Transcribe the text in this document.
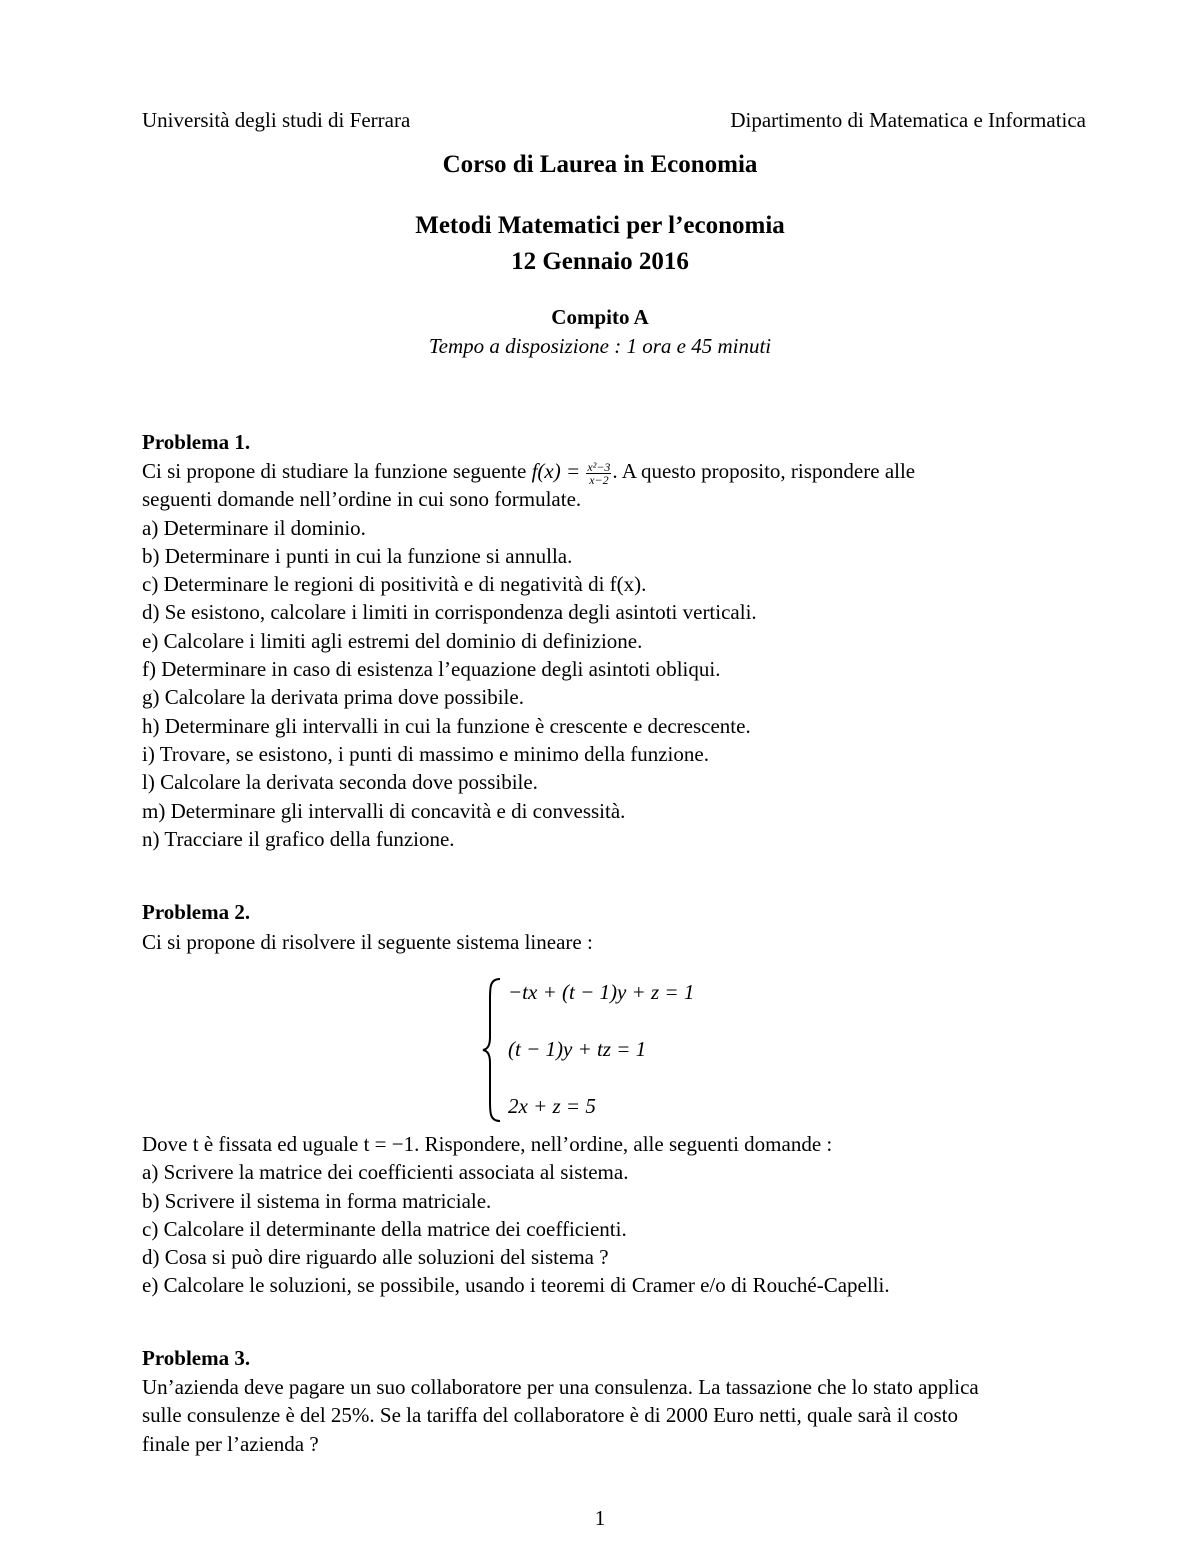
Università degli studi di Ferrara	Dipartimento di Matematica e Informatica
Corso di Laurea in Economia
Metodi Matematici per l’economia
12 Gennaio 2016
Compito A
Tempo a disposizione : 1 ora e 45 minuti
Problema 1.
Ci si propone di studiare la funzione seguente $f(x) = \frac{\text{x²−3}}{x-2}$ . A questo proposito, rispondere alle
seguenti domande nell’ordine in cui sono formulate.
a) Determinare il dominio.
b) Determinare i punti in cui la funzione si annulla.
c) Determinare le regioni di positività e di negatività di f(x).
d) Se esistono, calcolare i limiti in corrispondenza degli asintoti verticali.
e) Calcolare i limiti agli estremi del dominio di definizione.
f) Determinare in caso di esistenza l’equazione degli asintoti obliqui.
g) Calcolare la derivata prima dove possibile.
h) Determinare gli intervalli in cui la funzione è crescente e decrescente.
i) Trovare, se esistono, i punti di massimo e minimo della funzione.
l) Calcolare la derivata seconda dove possibile.
m) Determinare gli intervalli di concavità e di convessità.
n) Tracciare il grafico della funzione.
Problema 2.
Ci si propone di risolvere il seguente sistema lineare :
−tx + (t − 1)y + z = 1
(t − 1)y + tz = 1
2x + z = 5
Dove t è fissata ed uguale t = −1. Rispondere, nell’ordine, alle seguenti domande :
a) Scrivere la matrice dei coefficienti associata al sistema.
b) Scrivere il sistema in forma matriciale.
c) Calcolare il determinante della matrice dei coefficienti.
d) Cosa si può dire riguardo alle soluzioni del sistema ?
e) Calcolare le soluzioni, se possibile, usando i teoremi di Cramer e/o di Rouché-Capelli.
Problema 3.
Un’azienda deve pagare un suo collaboratore per una consulenza. La tassazione che lo stato applica
sulle consulenze è del 25%. Se la tariffa del collaboratore è di 2000 Euro netti, quale sarà il costo
finale per l’azienda ?
1
